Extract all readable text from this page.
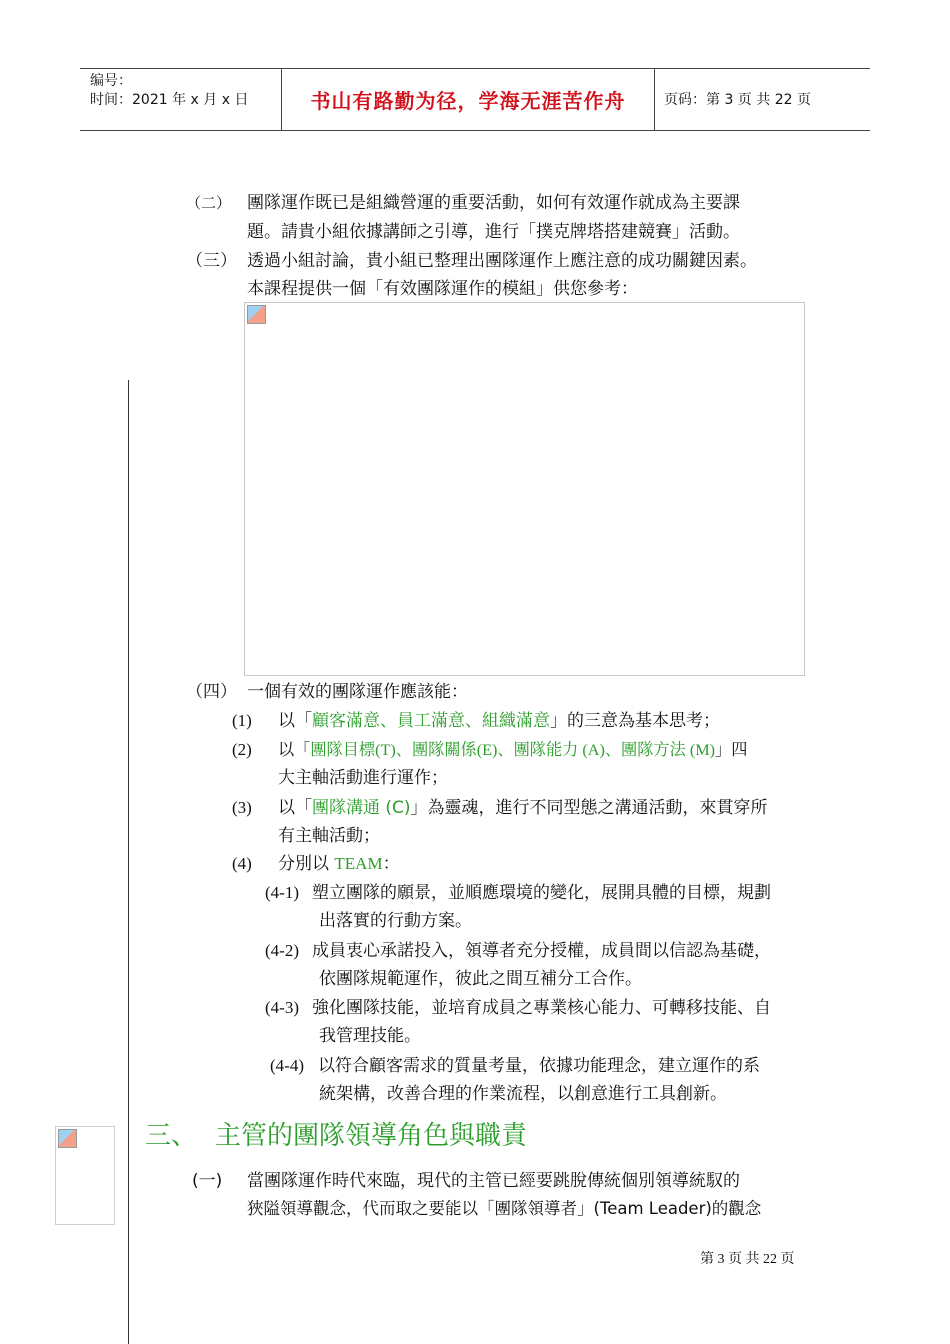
编号：
时间：2021 年 x 月 x 日	书山有路勤为径，学海无涯苦作舟	页码：第 3 页 共 22 页
（二） 團隊運作既已是組織營運的重要活動，如何有效運作就成為主要課
題。請貴小組依據講師之引導，進行「撲克牌塔搭建競賽」活動。
（三） 透過小組討論，貴小組已整理出團隊運作上應注意的成功關鍵因素。
本課程提供一個「有效團隊運作的模組」供您參考：
（四） 一個有效的團隊運作應該能：
(1) 以「顧客滿意、員工滿意、組織滿意」的三意為基本思考；
(2) 以「團隊目標(T)、團隊關係(E)、團隊能力 (A)、團隊方法 (M)」四
大主軸活動進行運作；
(3) 以「團隊溝通 (C)」為靈魂，進行不同型態之溝通活動，來貫穿所
有主軸活動；
(4) 分別以 TEAM：
(4-1) 塑立團隊的願景，並順應環境的變化，展開具體的目標，規劃
出落實的行動方案。
(4-2) 成員衷心承諾投入，領導者充分授權，成員間以信認為基礎，
依團隊規範運作，彼此之間互補分工合作。
(4-3) 強化團隊技能，並培育成員之專業核心能力、可轉移技能、自
我管理技能。
(4-4) 以符合顧客需求的質量考量，依據功能理念，建立運作的系
統架構，改善合理的作業流程，以創意進行工具創新。
三、 主管的團隊領導角色與職責
(一) 當團隊運作時代來臨，現代的主管已經要跳脫傳統個別領導統馭的
狹隘領導觀念，代而取之要能以「團隊領導者」(Team Leader)的觀念
第 3 页 共 22 页
